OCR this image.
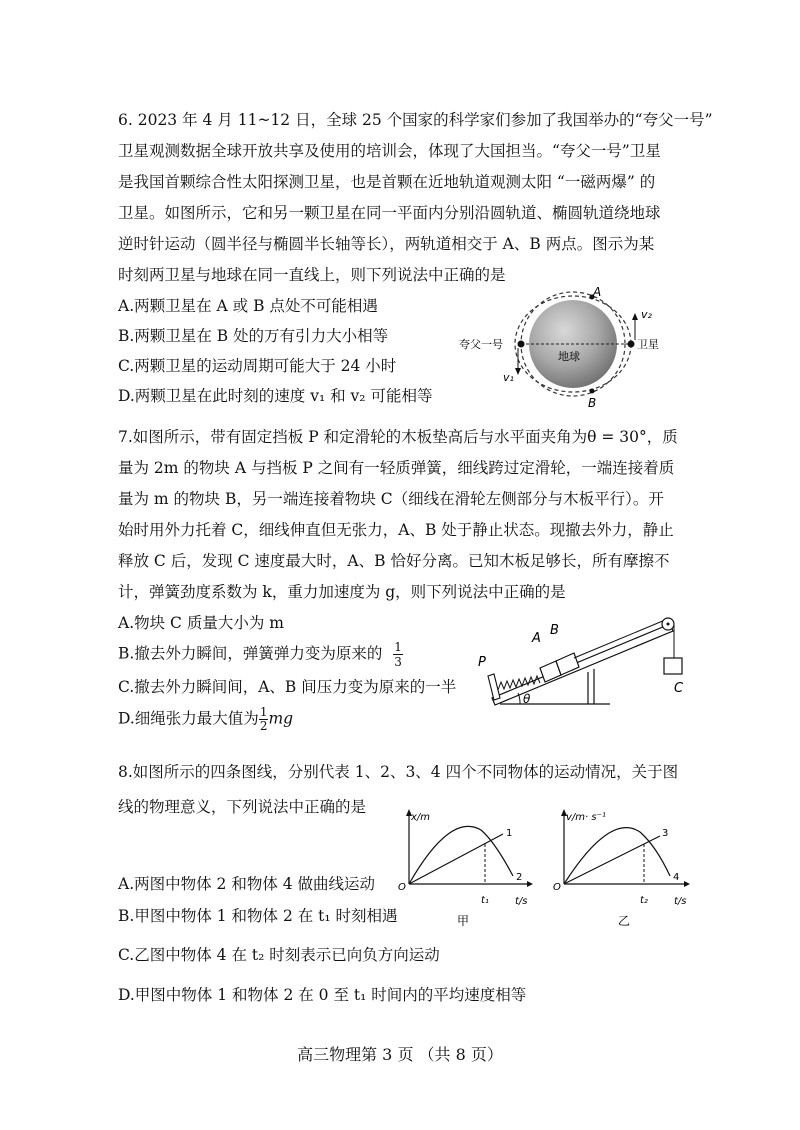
6. 2023 年 4 月 11~12 日，全球 25 个国家的科学家们参加了我国举办的“夸父一号”
卫星观测数据全球开放共享及使用的培训会，体现了大国担当。“夸父一号”卫星
是我国首颗综合性太阳探测卫星，也是首颗在近地轨道观测太阳 “一磁两爆” 的
卫星。如图所示，它和另一颗卫星在同一平面内分别沿圆轨道、椭圆轨道绕地球
逆时针运动（圆半径与椭圆半长轴等长），两轨道相交于 A、B 两点。图示为某
时刻两卫星与地球在同一直线上，则下列说法中正确的是
A.两颗卫星在 A 或 B 点处不可能相遇
B.两颗卫星在 B 处的万有引力大小相等
C.两颗卫星的运动周期可能大于 24 小时
D.两颗卫星在此时刻的速度 v₁ 和 v₂ 可能相等
A
B
v₁
v₂
夸父一号	卫星
地球
7.如图所示，带有固定挡板 P 和定滑轮的木板垫高后与水平面夹角为θ = 30°，质
量为 2m 的物块 A 与挡板 P 之间有一轻质弹簧，细线跨过定滑轮，一端连接着质
量为 m 的物块 B，另一端连接着物块 C（细线在滑轮左侧部分与木板平行）。开
始时用外力托着 C，细线伸直但无张力，A、B 处于静止状态。现撤去外力，静止
释放 C 后，发现 C 速度最大时，A、B 恰好分离。已知木板足够长，所有摩擦不
计，弹簧劲度系数为 k，重力加速度为 g，则下列说法中正确的是
A.物块 C 质量大小为 m
B.撤去外力瞬间，弹簧弹力变为原来的 $\frac{1}{3}$
C.撤去外力瞬间间，A、B 间压力变为原来的一半
D.细绳张力最大值为 $\frac{1}{2}$ mg
A
B
P
C
θ
8.如图所示的四条图线，分别代表 1、2、3、4 四个不同物体的运动情况，关于图
线的物理意义，下列说法中正确的是
A.两图中物体 2 和物体 4 做曲线运动
B.甲图中物体 1 和物体 2 在 t₁ 时刻相遇
C.乙图中物体 4 在 t₂ 时刻表示已向负方向运动
D.甲图中物体 1 和物体 2 在 0 至 t₁ 时间内的平均速度相等
x/m
t/s
O
t₁
1
2
甲
v/m· s⁻¹
t/s
O
t₂
3
4
乙
高三物理第 3 页 （共 8 页）
